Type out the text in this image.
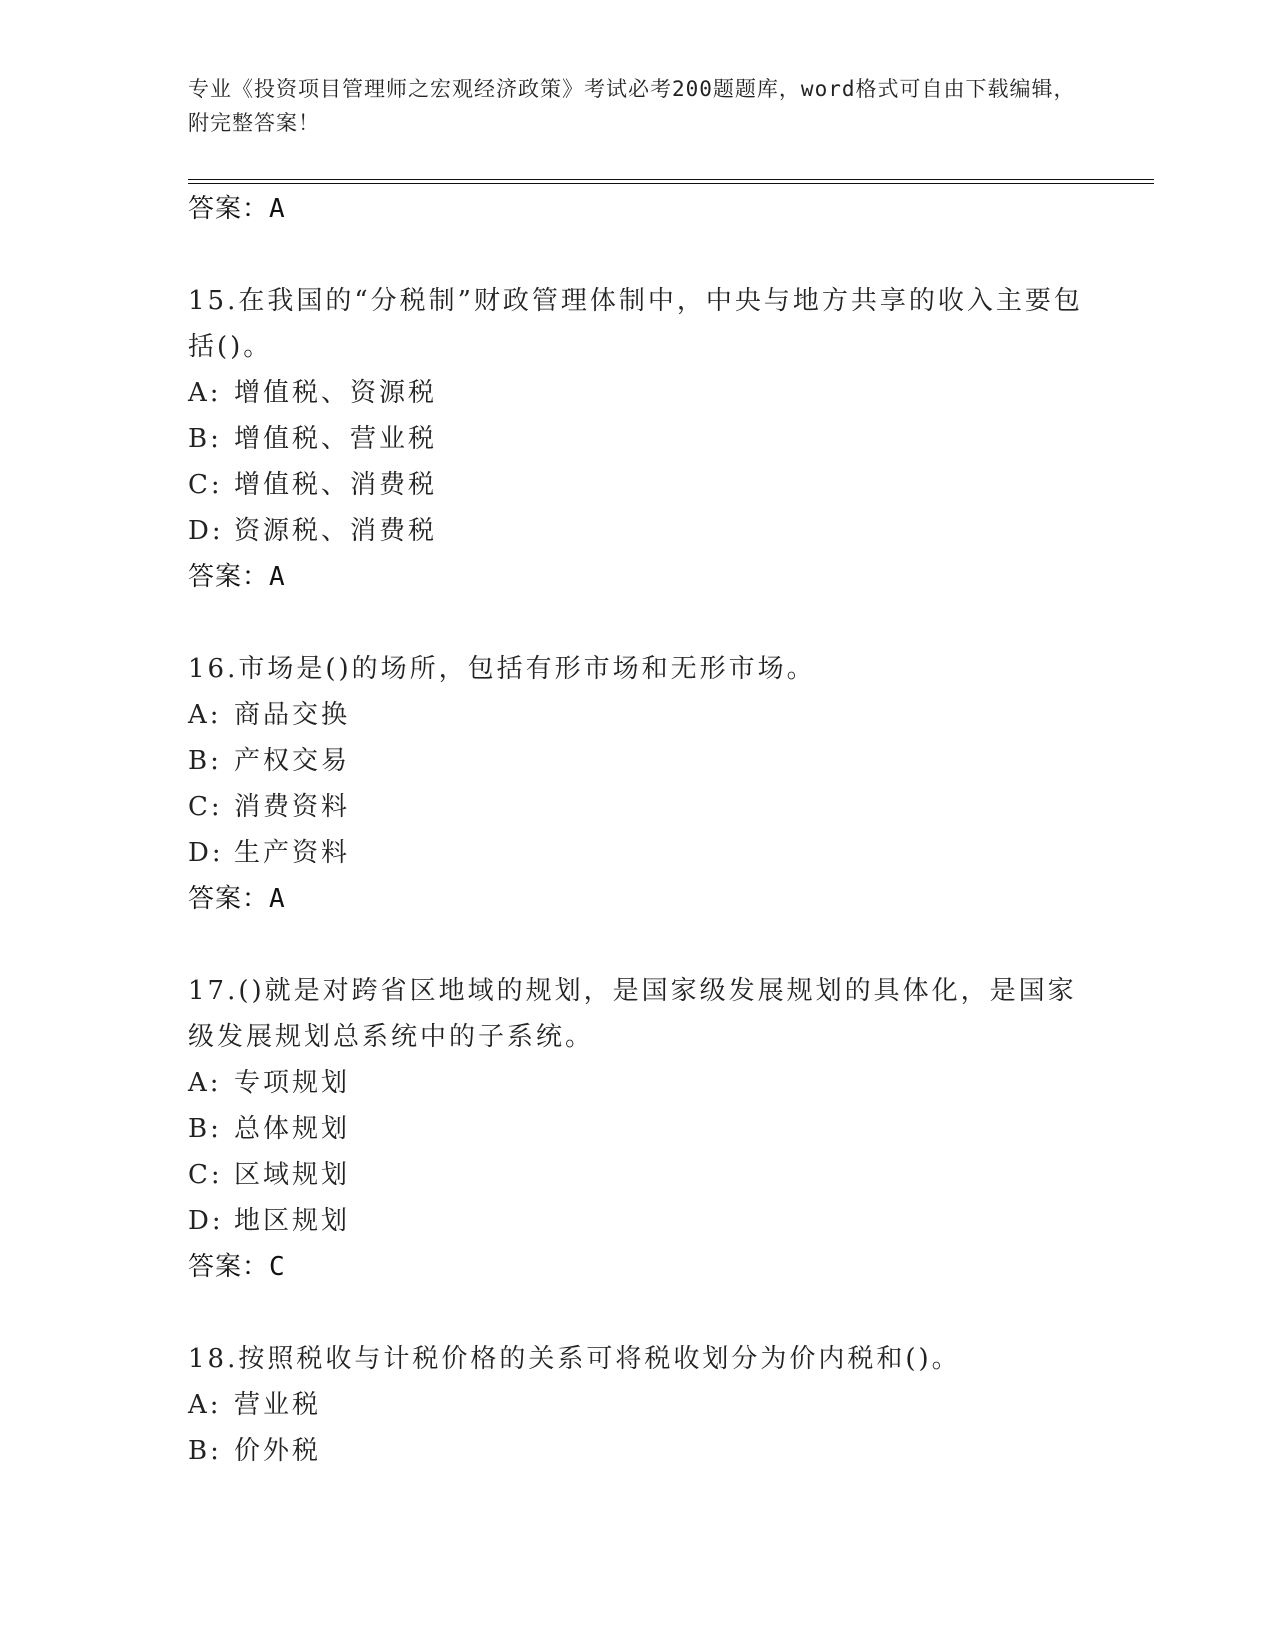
专业《投资项目管理师之宏观经济政策》考试必考200题题库，word格式可自由下载编辑，附完整答案！
答案：A
15.在我国的“分税制”财政管理体制中，中央与地方共享的收入主要包括()。
A: 增值税、资源税
B: 增值税、营业税
C: 增值税、消费税
D: 资源税、消费税
答案：A
16.市场是()的场所，包括有形市场和无形市场。
A: 商品交换
B: 产权交易
C: 消费资料
D: 生产资料
答案：A
17.()就是对跨省区地域的规划，是国家级发展规划的具体化，是国家级发展规划总系统中的子系统。
A: 专项规划
B: 总体规划
C: 区域规划
D: 地区规划
答案：C
18.按照税收与计税价格的关系可将税收划分为价内税和()。
A: 营业税
B: 价外税
